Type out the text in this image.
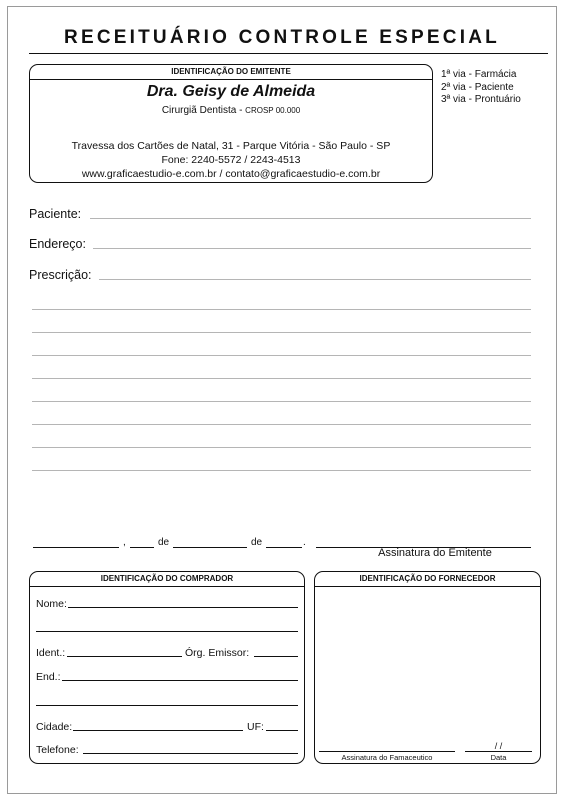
RECEITUÁRIO CONTROLE ESPECIAL
IDENTIFICAÇÃO DO EMITENTE
Dra. Geisy de Almeida
Cirurgiã Dentista - CROSP 00.000
Travessa dos Cartões de Natal, 31 - Parque Vitória - São Paulo - SP
Fone: 2240-5572 / 2243-4513
www.graficaestudio-e.com.br / contato@graficaestudio-e.com.br
1ª via - Farmácia
2ª via - Paciente
3ª via - Prontuário
Paciente:
Endereço:
Prescrição:
,	de	de	.
Assinatura do Emitente
IDENTIFICAÇÃO DO COMPRADOR
Nome:
Ident.:	Órg. Emissor:
End.:
Cidade:	UF:
Telefone:
IDENTIFICAÇÃO DO FORNECEDOR
Assinatura do Famaceutico
/ /
Data
